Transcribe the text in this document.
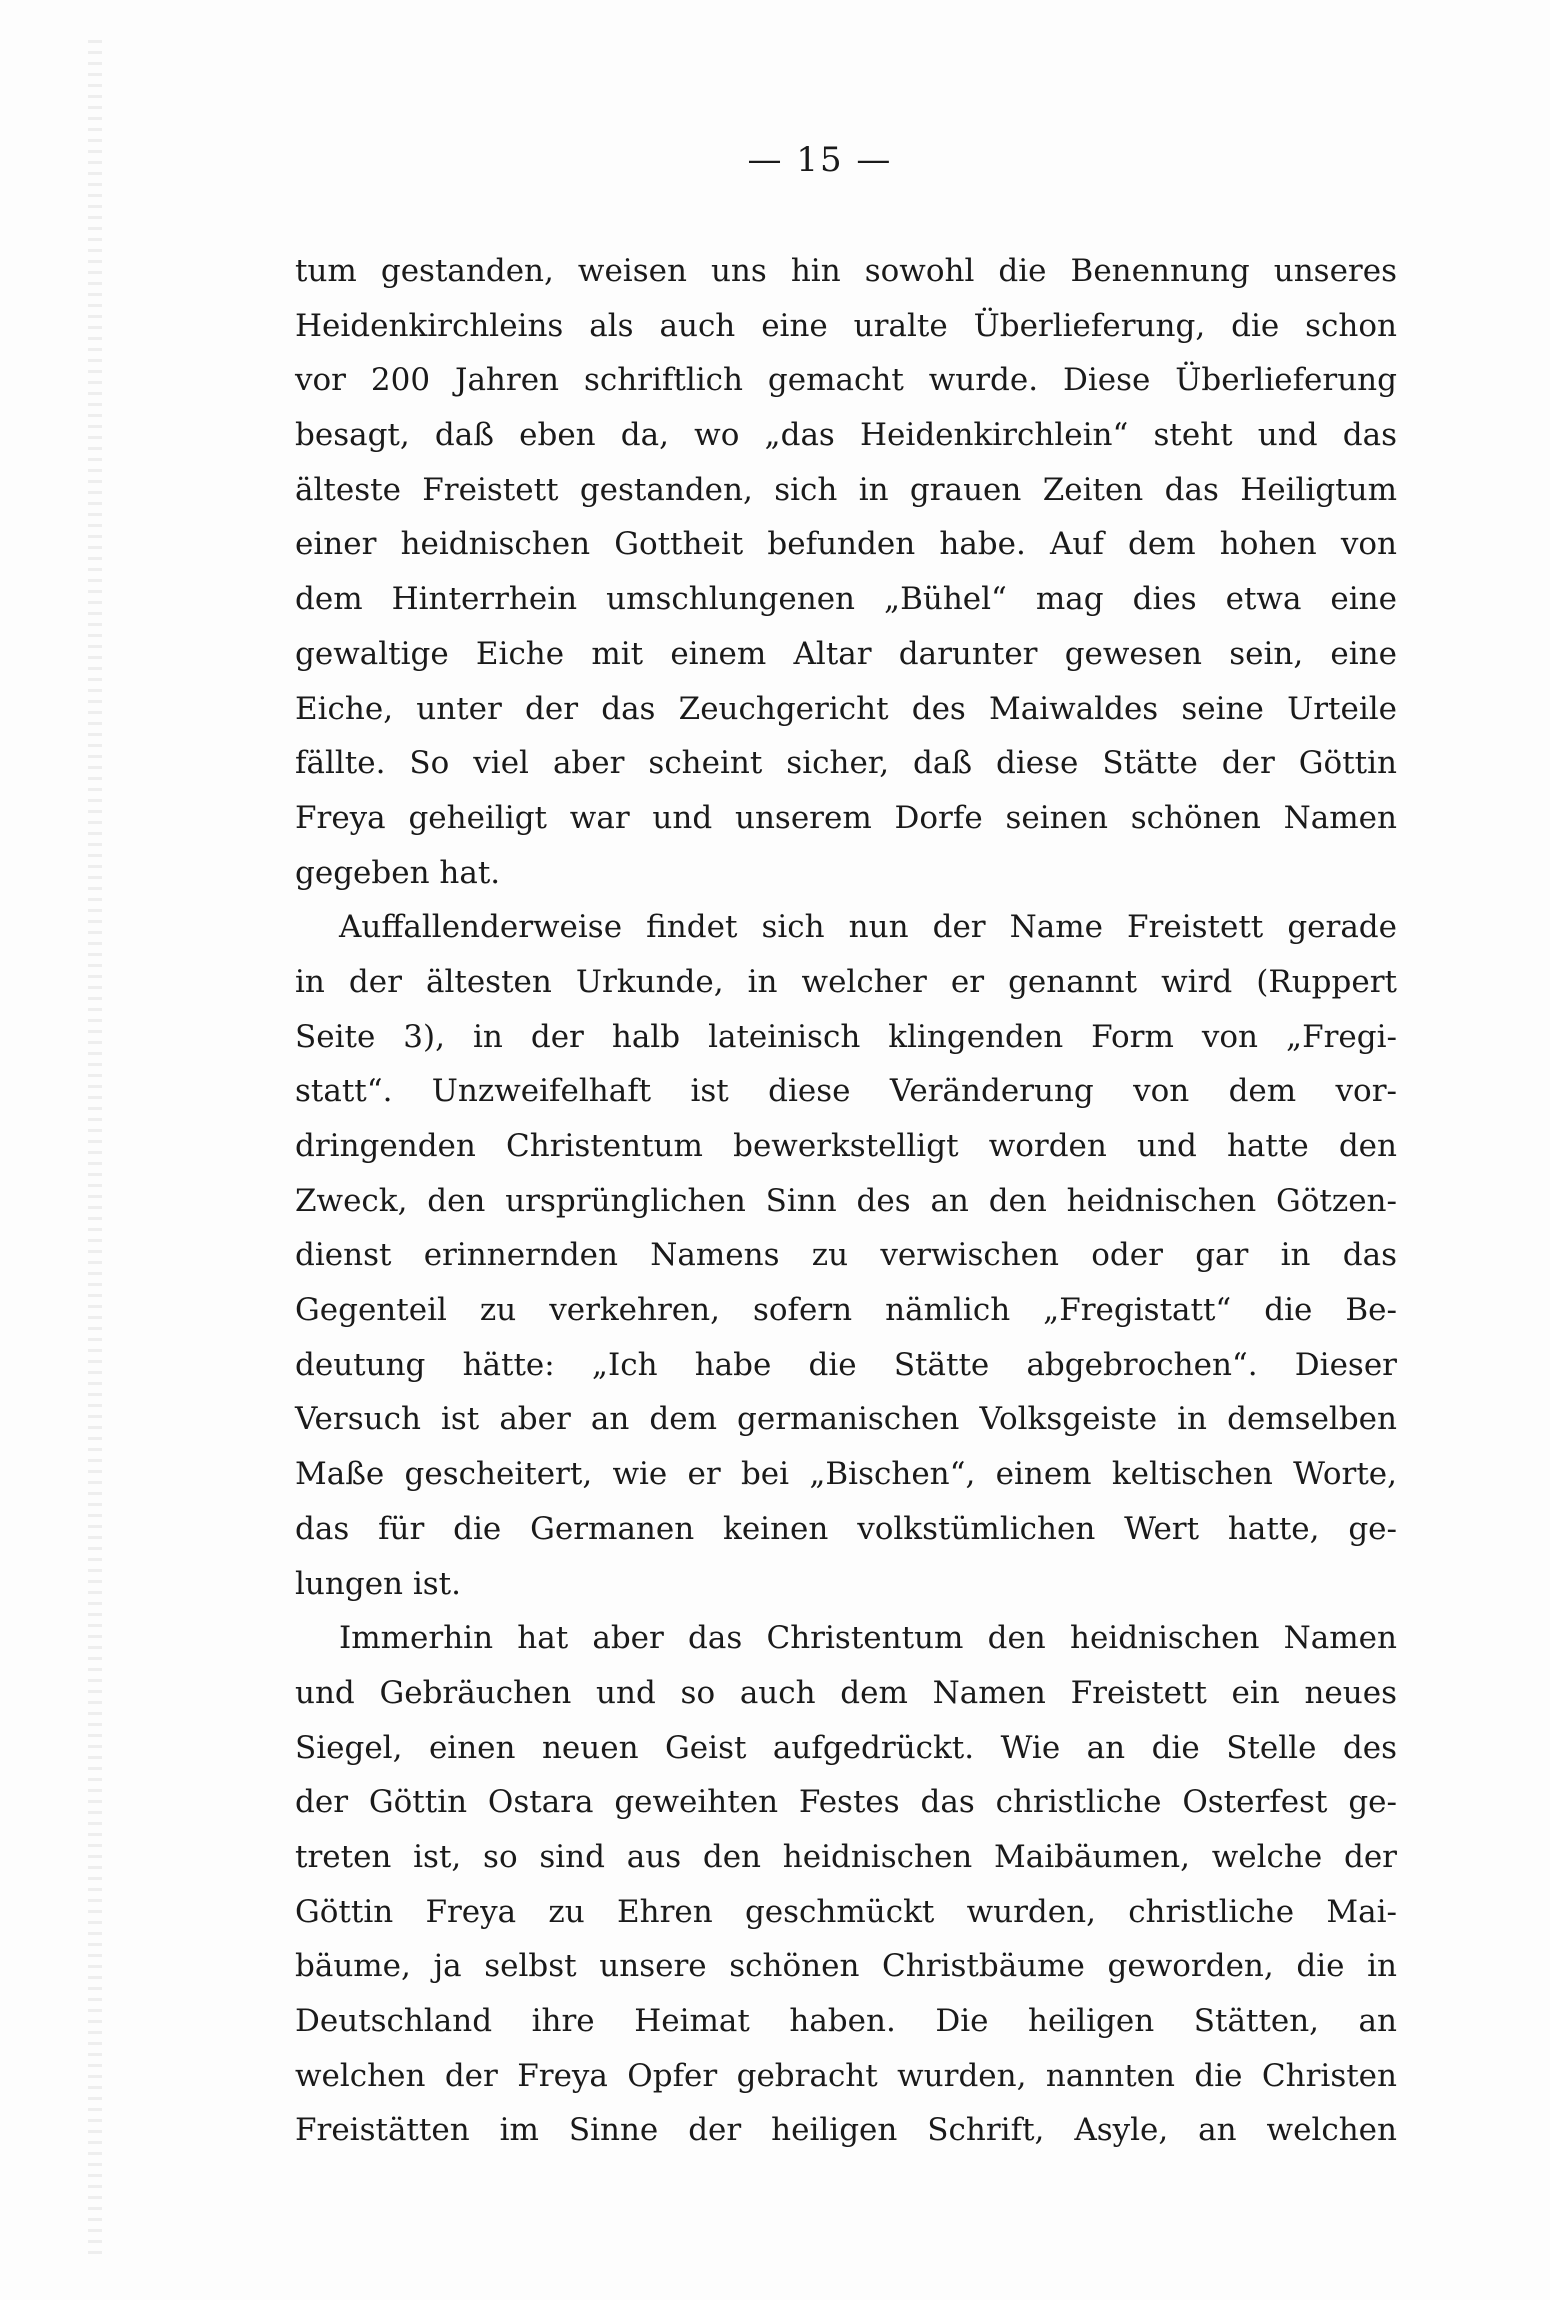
— 15 —
tum gestanden, weisen uns hin sowohl die Benennung unseres
Heidenkirchleins als auch eine uralte Überlieferung, die schon
vor 200 Jahren schriftlich gemacht wurde. Diese Überlieferung
besagt, daß eben da, wo „das Heidenkirchlein“ steht und das
älteste Freistett gestanden, sich in grauen Zeiten das Heiligtum
einer heidnischen Gottheit befunden habe. Auf dem hohen von
dem Hinterrhein umschlungenen „Bühel“ mag dies etwa eine
gewaltige Eiche mit einem Altar darunter gewesen sein, eine
Eiche, unter der das Zeuchgericht des Maiwaldes seine Urteile
fällte. So viel aber scheint sicher, daß diese Stätte der Göttin
Freya geheiligt war und unserem Dorfe seinen schönen Namen
gegeben hat.
Auffallenderweise findet sich nun der Name Freistett gerade
in der ältesten Urkunde, in welcher er genannt wird (Ruppert
Seite 3), in der halb lateinisch klingenden Form von „Fregi-
statt“. Unzweifelhaft ist diese Veränderung von dem vor-
dringenden Christentum bewerkstelligt worden und hatte den
Zweck, den ursprünglichen Sinn des an den heidnischen Götzen-
dienst erinnernden Namens zu verwischen oder gar in das
Gegenteil zu verkehren, sofern nämlich „Fregistatt“ die Be-
deutung hätte: „Ich habe die Stätte abgebrochen“. Dieser
Versuch ist aber an dem germanischen Volksgeiste in demselben
Maße gescheitert, wie er bei „Bischen“, einem keltischen Worte,
das für die Germanen keinen volkstümlichen Wert hatte, ge-
lungen ist.
Immerhin hat aber das Christentum den heidnischen Namen
und Gebräuchen und so auch dem Namen Freistett ein neues
Siegel, einen neuen Geist aufgedrückt. Wie an die Stelle des
der Göttin Ostara geweihten Festes das christliche Osterfest ge-
treten ist, so sind aus den heidnischen Maibäumen, welche der
Göttin Freya zu Ehren geschmückt wurden, christliche Mai-
bäume, ja selbst unsere schönen Christbäume geworden, die in
Deutschland ihre Heimat haben. Die heiligen Stätten, an
welchen der Freya Opfer gebracht wurden, nannten die Christen
Freistätten im Sinne der heiligen Schrift, Asyle, an welchen
